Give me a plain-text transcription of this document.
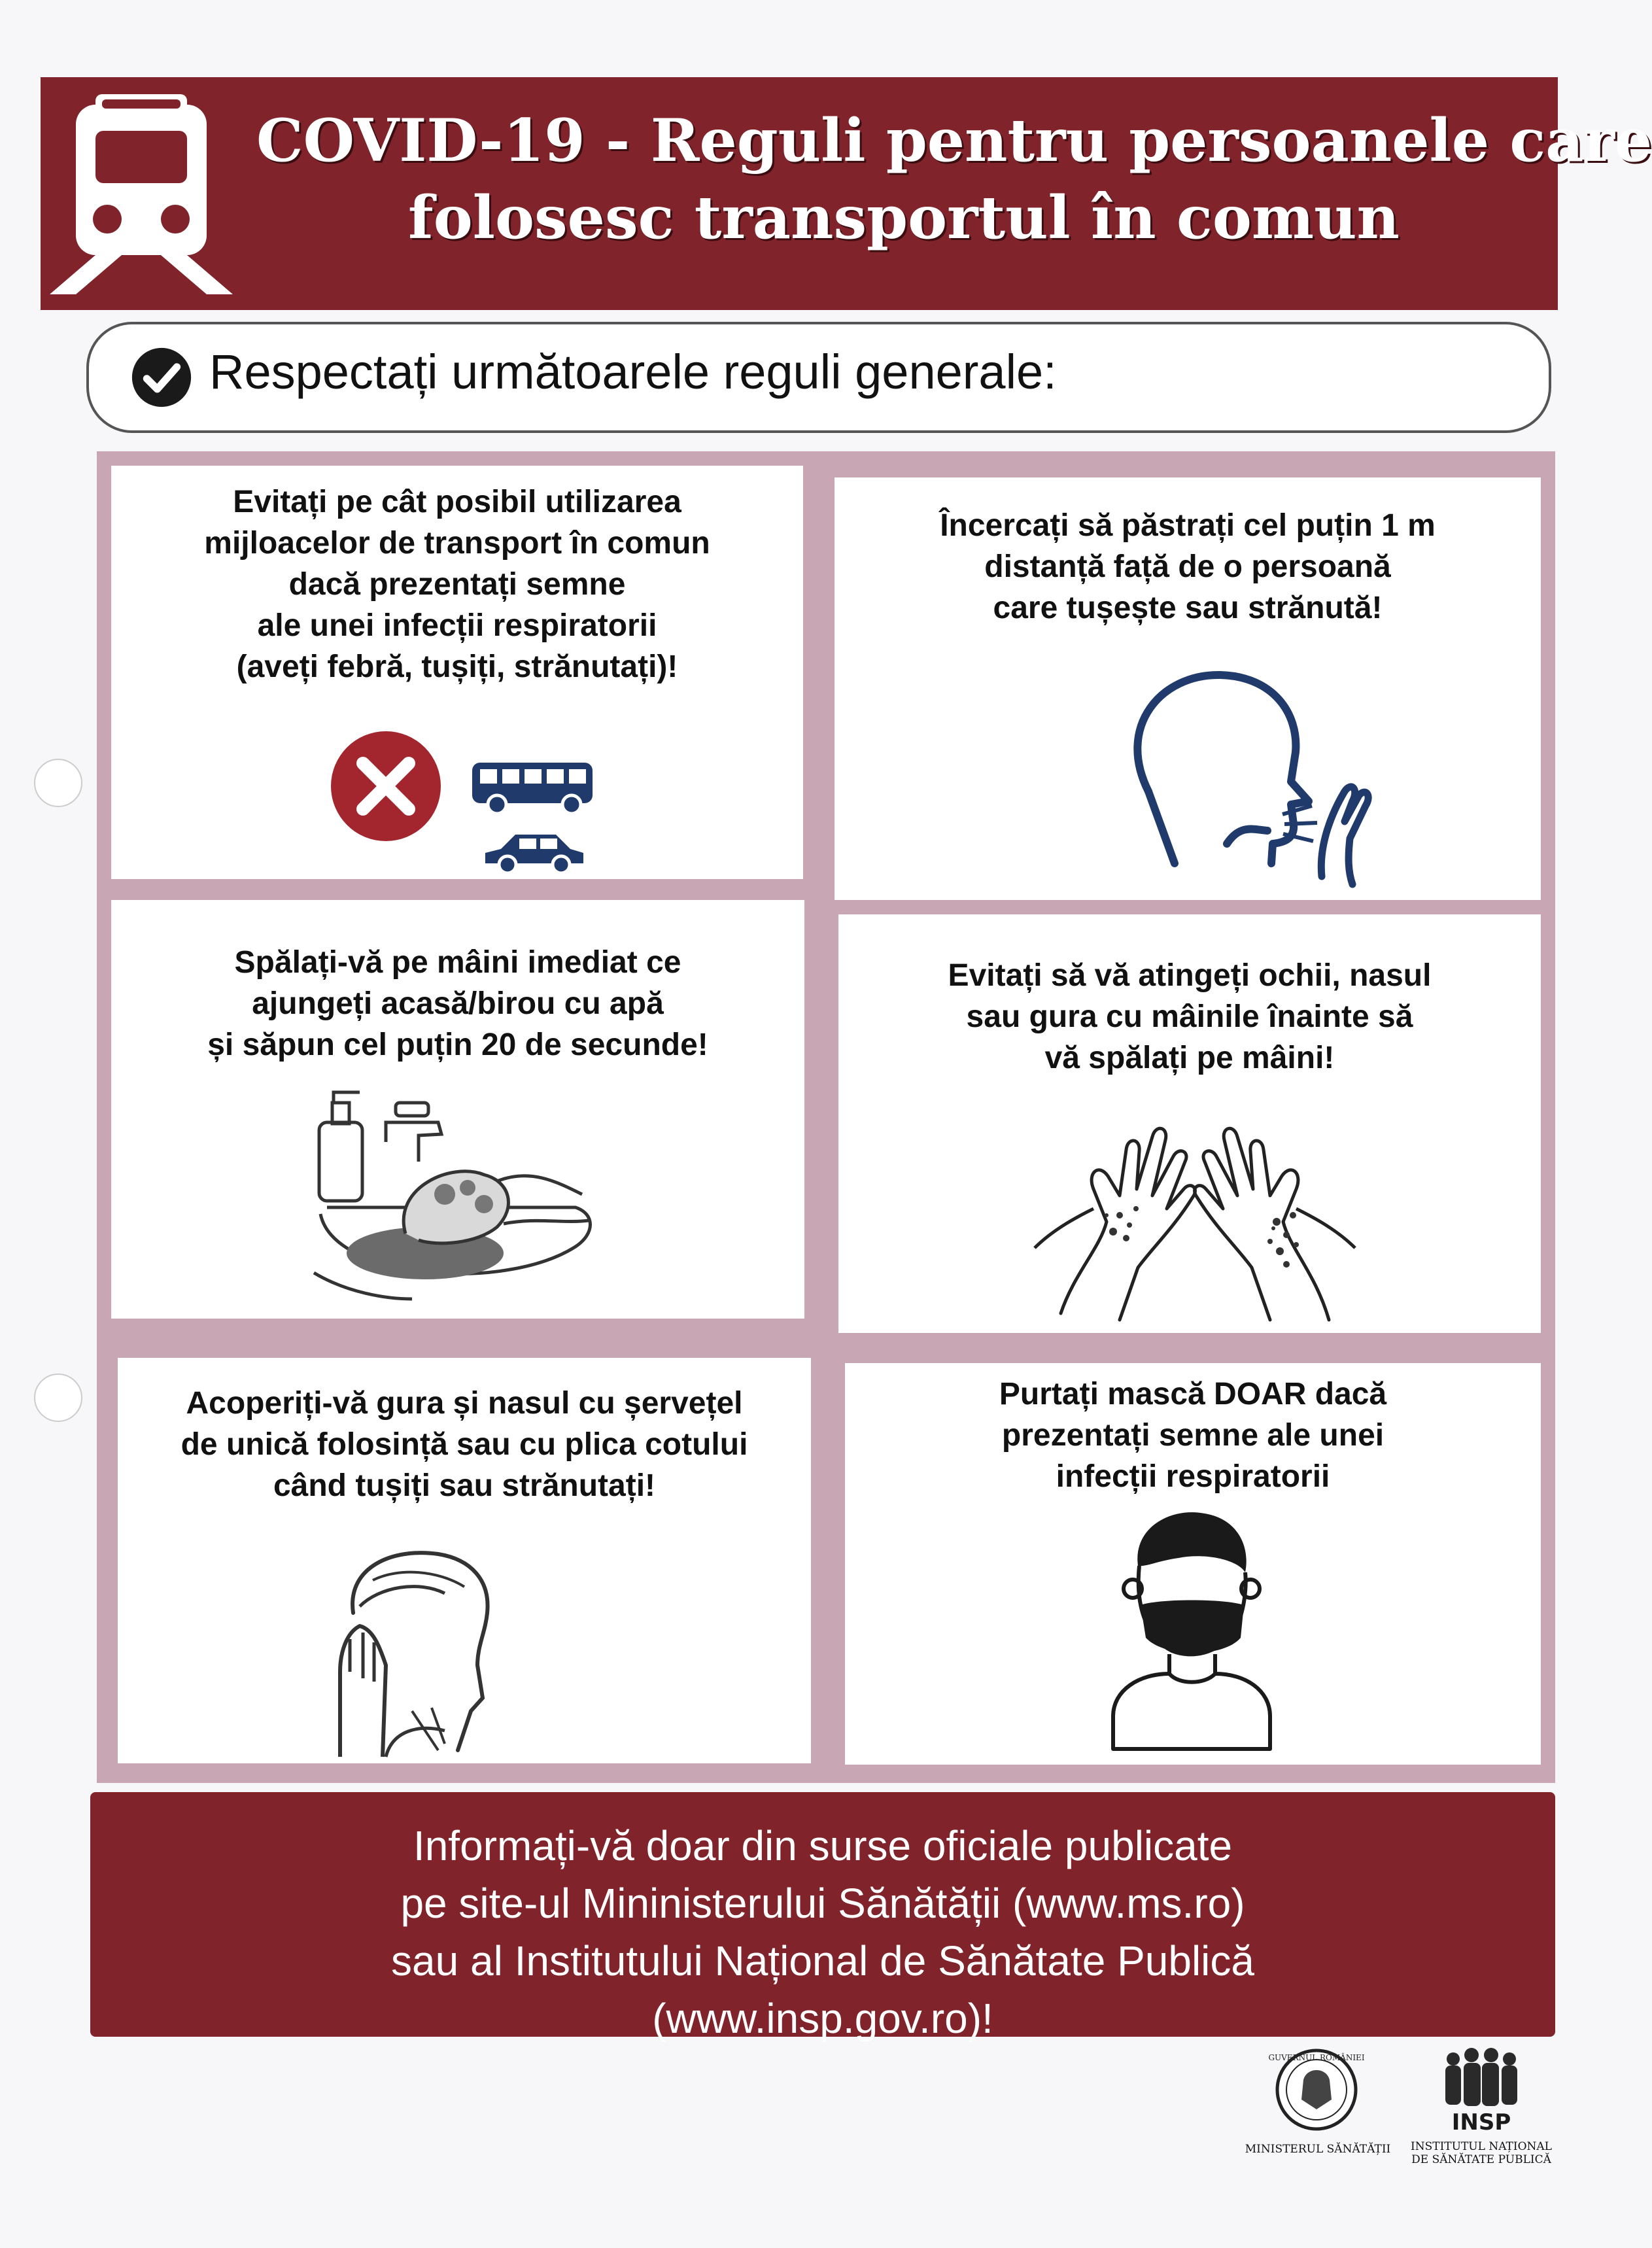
COVID-19 - Reguli pentru persoanele care
folosesc transportul în comun
Respectați următoarele reguli generale:
Evitați pe cât posibil utilizarea
mijloacelor de transport în comun
dacă prezentați semne
ale unei infecții respiratorii
(aveți febră, tușiți, strănutați)!
Încercați să păstrați cel puțin 1 m
distanță față de o persoană
care tușește sau strănută!
Spălați-vă pe mâini imediat ce
ajungeți acasă/birou cu apă
și săpun cel puțin 20 de secunde!
Evitați să vă atingeți ochii, nasul
sau gura cu mâinile înainte să
vă spălați pe mâini!
Acoperiți-vă gura și nasul cu șervețel
de unică folosință sau cu plica cotului
când tușiți sau strănutați!
Purtați mască DOAR dacă
prezentați semne ale unei
infecții respiratorii
Informați-vă doar din surse oficiale publicate
pe site-ul Mininisterului Sănătății (www.ms.ro)
sau al Institutului Național de Sănătate Publică
(www.insp.gov.ro)!
GUVERNUL ROMÂNIEI
MINISTERUL SĂNĂTĂȚII
INSP
INSTITUTUL NAȚIONAL
DE SĂNĂTATE PUBLICĂ
